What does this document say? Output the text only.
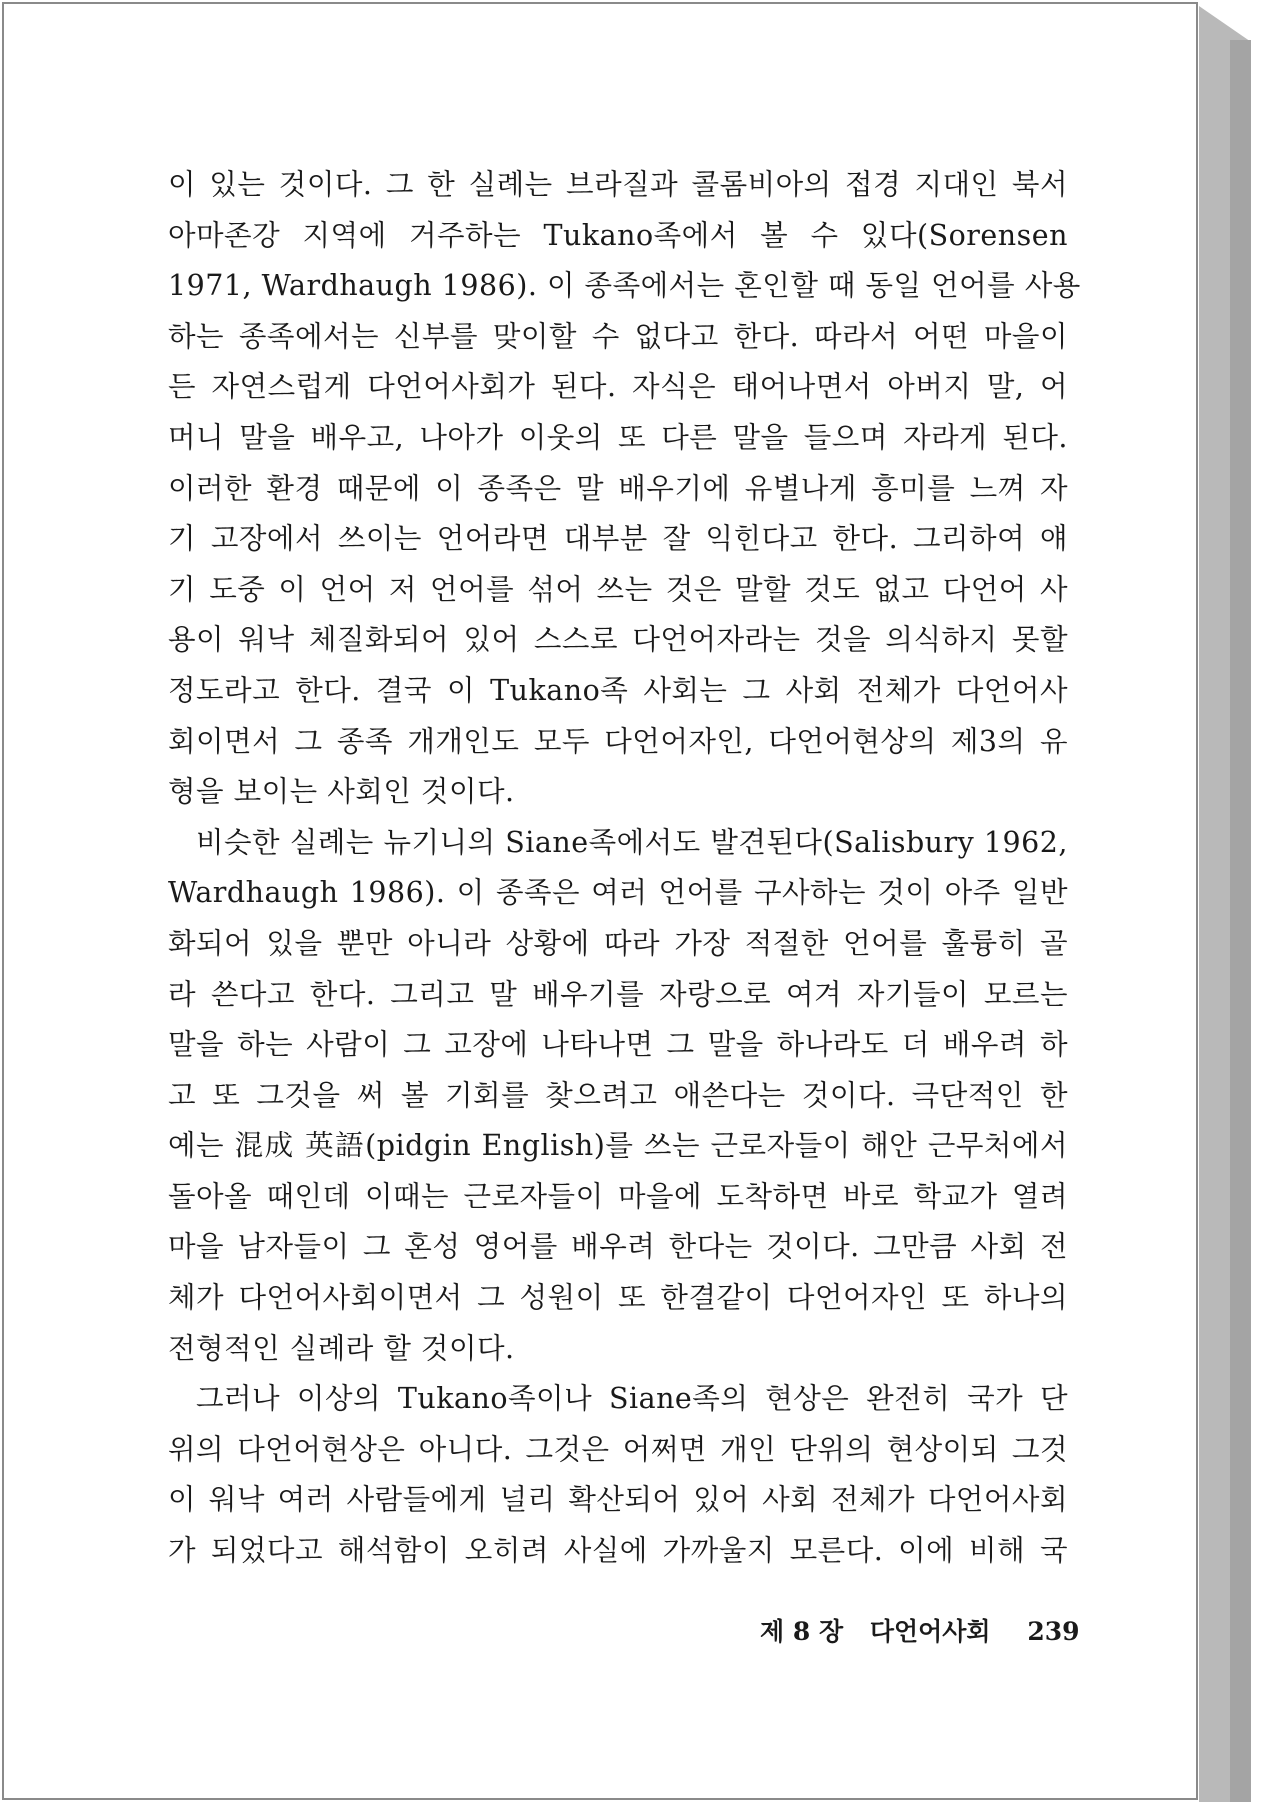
이 있는 것이다. 그 한 실례는 브라질과 콜롬비아의 접경 지대인 북서
아마존강 지역에 거주하는 Tukano족에서 볼 수 있다(Sorensen
1971, Wardhaugh 1986). 이 종족에서는 혼인할 때 동일 언어를 사용
하는 종족에서는 신부를 맞이할 수 없다고 한다. 따라서 어떤 마을이
든 자연스럽게 다언어사회가 된다. 자식은 태어나면서 아버지 말, 어
머니 말을 배우고, 나아가 이웃의 또 다른 말을 들으며 자라게 된다.
이러한 환경 때문에 이 종족은 말 배우기에 유별나게 흥미를 느껴 자
기 고장에서 쓰이는 언어라면 대부분 잘 익힌다고 한다. 그리하여 얘
기 도중 이 언어 저 언어를 섞어 쓰는 것은 말할 것도 없고 다언어 사
용이 워낙 체질화되어 있어 스스로 다언어자라는 것을 의식하지 못할
정도라고 한다. 결국 이 Tukano족 사회는 그 사회 전체가 다언어사
회이면서 그 종족 개개인도 모두 다언어자인, 다언어현상의 제3의 유
형을 보이는 사회인 것이다.

비슷한 실례는 뉴기니의 Siane족에서도 발견된다(Salisbury 1962,
Wardhaugh 1986). 이 종족은 여러 언어를 구사하는 것이 아주 일반
화되어 있을 뿐만 아니라 상황에 따라 가장 적절한 언어를 훌륭히 골
라 쓴다고 한다. 그리고 말 배우기를 자랑으로 여겨 자기들이 모르는
말을 하는 사람이 그 고장에 나타나면 그 말을 하나라도 더 배우려 하
고 또 그것을 써 볼 기회를 찾으려고 애쓴다는 것이다. 극단적인 한
예는 混成 英語(pidgin English)를 쓰는 근로자들이 해안 근무처에서
돌아올 때인데 이때는 근로자들이 마을에 도착하면 바로 학교가 열려
마을 남자들이 그 혼성 영어를 배우려 한다는 것이다. 그만큼 사회 전
체가 다언어사회이면서 그 성원이 또 한결같이 다언어자인 또 하나의
전형적인 실례라 할 것이다.

그러나 이상의 Tukano족이나 Siane족의 현상은 완전히 국가 단
위의 다언어현상은 아니다. 그것은 어쩌면 개인 단위의 현상이되 그것
이 워낙 여러 사람들에게 널리 확산되어 있어 사회 전체가 다언어사회
가 되었다고 해석함이 오히려 사실에 가까울지 모른다. 이에 비해 국

제 8 장 다언어사회 239
